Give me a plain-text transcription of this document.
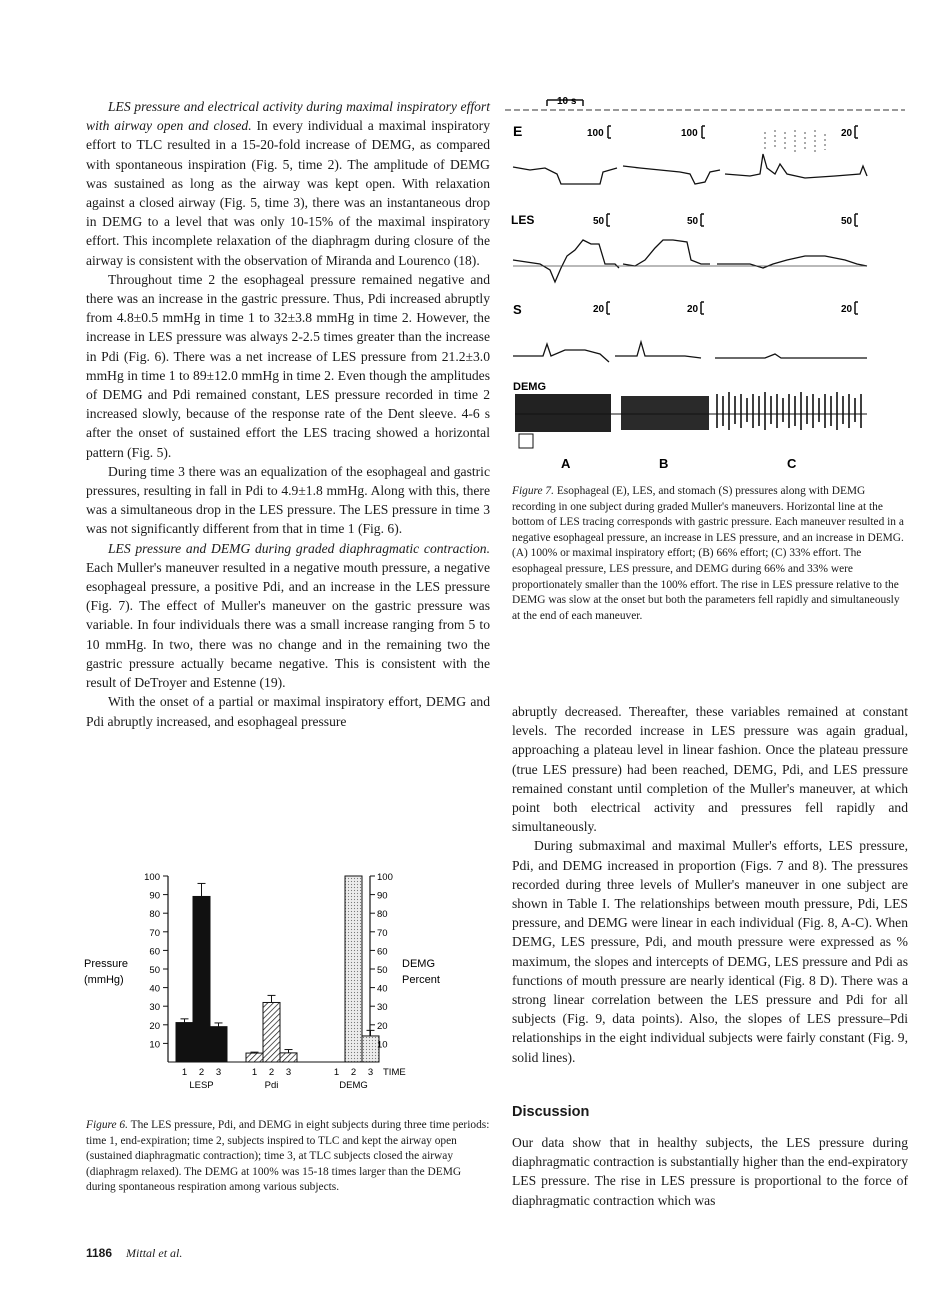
LES pressure and electrical activity during maximal inspiratory effort with airway open and closed. In every individual a maximal inspiratory effort to TLC resulted in a 15-20-fold increase of DEMG, as compared with spontaneous inspiration (Fig. 5, time 2). The amplitude of DEMG was sustained as long as the airway was kept open. With relaxation against a closed airway (Fig. 5, time 3), there was an instantaneous drop in DEMG to a level that was only 10-15% of the maximal inspiratory effort. This incomplete relaxation of the diaphragm during closure of the airway is consistent with the observation of Miranda and Lourenco (18).

Throughout time 2 the esophageal pressure remained negative and there was an increase in the gastric pressure. Thus, Pdi increased abruptly from 4.8±0.5 mmHg in time 1 to 32±3.8 mmHg in time 2. However, the increase in LES pressure was always 2-2.5 times greater than the increase in Pdi (Fig. 6). There was a net increase of LES pressure from 21.2±3.0 mmHg in time 1 to 89±12.0 mmHg in time 2. Even though the amplitudes of DEMG and Pdi remained constant, LES pressure recorded in time 2 increased slowly, because of the response rate of the Dent sleeve. 4-6 s after the onset of sustained effort the LES tracing showed a horizontal pattern (Fig. 5).

During time 3 there was an equalization of the esophageal and gastric pressures, resulting in fall in Pdi to 4.9±1.8 mmHg. Along with this, there was a simultaneous drop in the LES pressure. The LES pressure in time 3 was not significantly different from that in time 1 (Fig. 6).

LES pressure and DEMG during graded diaphragmatic contraction. Each Muller's maneuver resulted in a negative mouth pressure, a negative esophageal pressure, a positive Pdi, and an increase in the LES pressure (Fig. 7). The effect of Muller's maneuver on the gastric pressure was variable. In four individuals there was a small increase ranging from 5 to 10 mmHg. In two, there was no change and in the remaining two the gastric pressure actually became negative. This is consistent with the result of DeTroyer and Estenne (19).

With the onset of a partial or maximal inspiratory effort, DEMG and Pdi abruptly increased, and esophageal pressure

10 s
E
LES
S
DEMG
100	100	20
50	50	50
20	20	20
A	B	C
Figure 7. Esophageal (E), LES, and stomach (S) pressures along with DEMG recording in one subject during graded Muller's maneuvers. Horizontal line at the bottom of LES tracing corresponds with gastric pressure. Each maneuver resulted in a negative esophageal pressure, an increase in LES pressure, and an increase in DEMG. (A) 100% or maximal inspiratory effort; (B) 66% effort; (C) 33% effort. The esophageal pressure, LES pressure, and DEMG during 66% and 33% were proportionately smaller than the 100% effort. The rise in LES pressure relative to the DEMG was slow at the onset but both the parameters fell rapidly and simultaneously at the end of each maneuver.

abruptly decreased. Thereafter, these variables remained at constant levels. The recorded increase in LES pressure was again gradual, approaching a plateau level in linear fashion. Once the plateau pressure (true LES pressure) had been reached, DEMG, Pdi, and LES pressure remained constant until completion of the Muller's maneuver, at which point both electrical activity and pressures fell rapidly and simultaneously.

During submaximal and maximal Muller's efforts, LES pressure, Pdi, and DEMG increased in proportion (Figs. 7 and 8). The pressures recorded during three levels of Muller's maneuver in one subject are shown in Table I. The relationships between mouth pressure, Pdi, LES pressure, and DEMG were linear in each individual (Fig. 8, A-C). When DEMG, LES pressure, Pdi, and mouth pressure were expressed as % maximum, the slopes and intercepts of DEMG, LES pressure and Pdi as functions of mouth pressure are nearly identical (Fig. 8 D). There was a strong linear correlation between the LES pressure and Pdi for all subjects (Fig. 9, data points). Also, the slopes of LES pressure–Pdi relationships in the eight individual subjects were fairly constant (Fig. 9, solid lines).

Discussion
Our data show that in healthy subjects, the LES pressure during diaphragmatic contraction is substantially higher than the end-expiratory LES pressure. The rise in LES pressure is proportional to the force of diaphragmatic contraction which was
Pressure
(mmHg)
DEMG
Percent
10	10
20	20
30	30
40	40
50	50
60	60
70	70
80	80
90	90
100	100
1 2 3
LESP
1 2 3
Pdi
1 2 3
DEMG
TIME
Figure 6. The LES pressure, Pdi, and DEMG in eight subjects during three time periods: time 1, end-expiration; time 2, subjects inspired to TLC and kept the airway open (sustained diaphragmatic contraction); time 3, at TLC subjects closed the airway (diaphragm relaxed). The DEMG at 100% was 15-18 times larger than the DEMG during spontaneous respiration among various subjects.
1186 Mittal et al.
